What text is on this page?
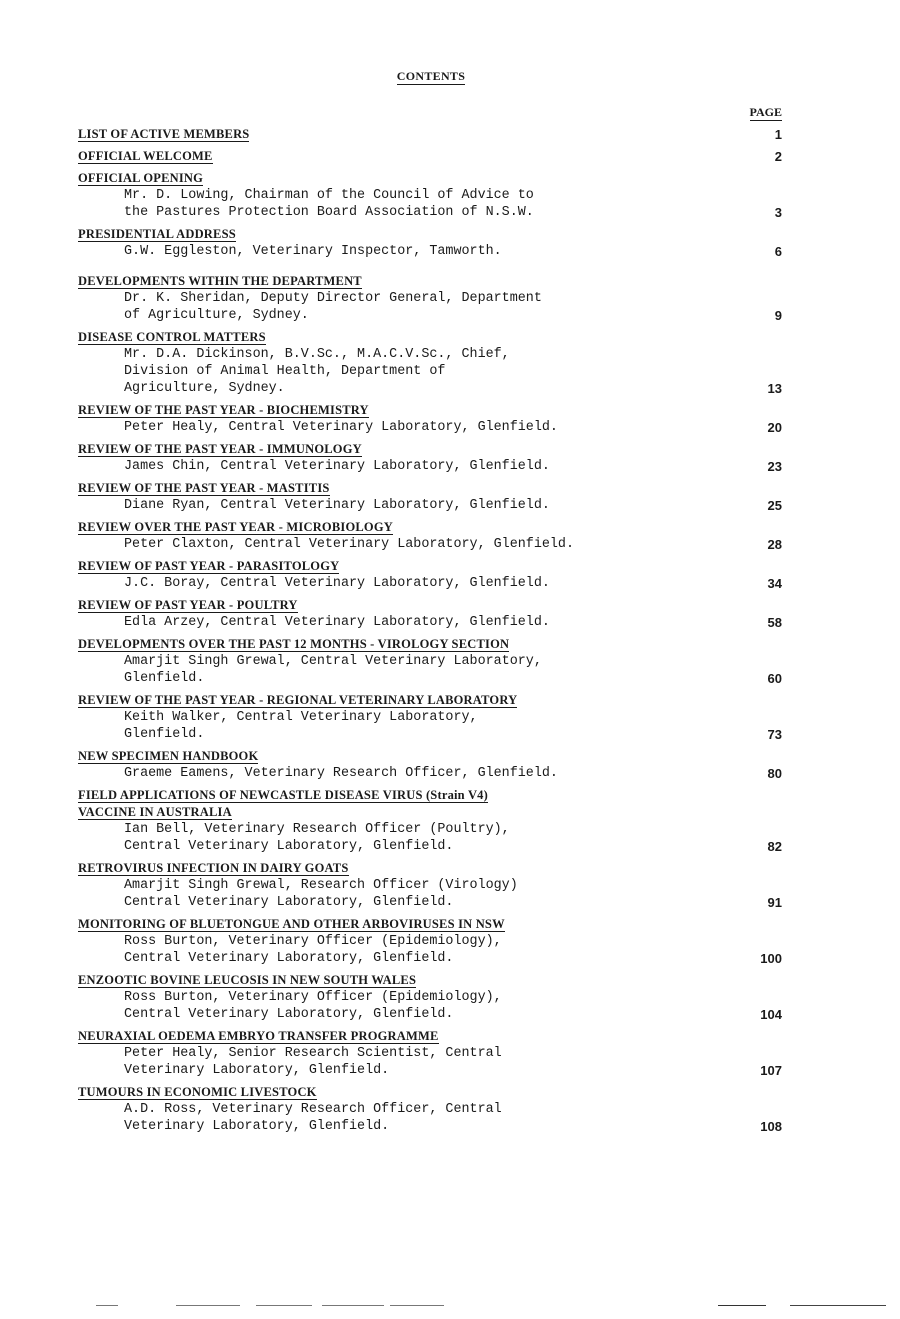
CONTENTS
PAGE
LIST OF ACTIVE MEMBERS	1
OFFICIAL WELCOME	2
OFFICIAL OPENING
Mr. D. Lowing, Chairman of the Council of Advice to
the Pastures Protection Board Association of N.S.W.	3
PRESIDENTIAL ADDRESS
G.W. Eggleston, Veterinary Inspector, Tamworth.	6
DEVELOPMENTS WITHIN THE DEPARTMENT
Dr. K. Sheridan, Deputy Director General, Department
of Agriculture, Sydney.	9
DISEASE CONTROL MATTERS
Mr. D.A. Dickinson, B.V.Sc., M.A.C.V.Sc., Chief,
Division of Animal Health, Department of
Agriculture, Sydney.	13
REVIEW OF THE PAST YEAR - BIOCHEMISTRY
Peter Healy, Central Veterinary Laboratory, Glenfield.	20
REVIEW OF THE PAST YEAR - IMMUNOLOGY
James Chin, Central Veterinary Laboratory, Glenfield.	23
REVIEW OF THE PAST YEAR - MASTITIS
Diane Ryan, Central Veterinary Laboratory, Glenfield.	25
REVIEW OVER THE PAST YEAR - MICROBIOLOGY
Peter Claxton, Central Veterinary Laboratory, Glenfield.	28
REVIEW OF PAST YEAR - PARASITOLOGY
J.C. Boray, Central Veterinary Laboratory, Glenfield.	34
REVIEW OF PAST YEAR - POULTRY
Edla Arzey, Central Veterinary Laboratory, Glenfield.	58
DEVELOPMENTS OVER THE PAST 12 MONTHS - VIROLOGY SECTION
Amarjit Singh Grewal, Central Veterinary Laboratory,
Glenfield.	60
REVIEW OF THE PAST YEAR - REGIONAL VETERINARY LABORATORY
Keith Walker, Central Veterinary Laboratory,
Glenfield.	73
NEW SPECIMEN HANDBOOK
Graeme Eamens, Veterinary Research Officer, Glenfield.	80
FIELD APPLICATIONS OF NEWCASTLE DISEASE VIRUS (Strain V4)
VACCINE IN AUSTRALIA
Ian Bell, Veterinary Research Officer (Poultry),
Central Veterinary Laboratory, Glenfield.	82
RETROVIRUS INFECTION IN DAIRY GOATS
Amarjit Singh Grewal, Research Officer (Virology)
Central Veterinary Laboratory, Glenfield.	91
MONITORING OF BLUETONGUE AND OTHER ARBOVIRUSES IN NSW
Ross Burton, Veterinary Officer (Epidemiology),
Central Veterinary Laboratory, Glenfield.	100
ENZOOTIC BOVINE LEUCOSIS IN NEW SOUTH WALES
Ross Burton, Veterinary Officer (Epidemiology),
Central Veterinary Laboratory, Glenfield.	104
NEURAXIAL OEDEMA EMBRYO TRANSFER PROGRAMME
Peter Healy, Senior Research Scientist, Central
Veterinary Laboratory, Glenfield.	107
TUMOURS IN ECONOMIC LIVESTOCK
A.D. Ross, Veterinary Research Officer, Central
Veterinary Laboratory, Glenfield.	108
